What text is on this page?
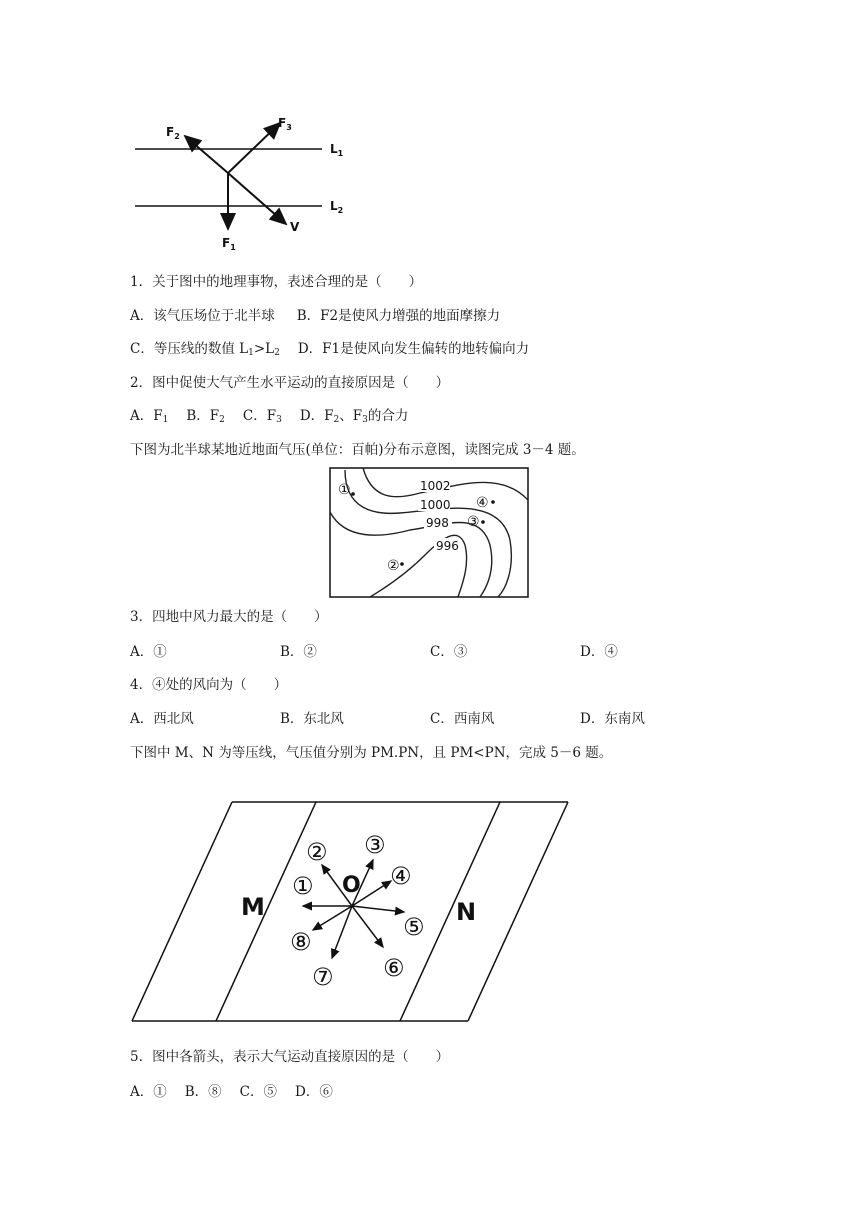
$F_2$
$F_3$
$L_1$
$L_2$
V
$F_1$
1．关于图中的地理事物，表述合理的是（　　）
A．该气压场位于北半球 B．F2是使风力增强的地面摩擦力
C．等压线的数值 $L_1>L_2$ D．F1是使风向发生偏转的地转偏向力
2．图中促使大气产生水平运动的直接原因是（　　）
A．$F_1$ B．$F_2$ C．$F_3$ D．$F_2$、$F_3$的合力
下图为北半球某地近地面气压(单位：百帕)分布示意图，读图完成 3－4 题。
1002
1000
998
996
①
②
③
④
3．四地中风力最大的是（　　）
A．①	B．②	C．③	D．④
4．④处的风向为（　　）
A．西北风	B．东北风	C．西南风	D．东南风
下图中 M、N 为等压线，气压值分别为 PM.PN，且 PM<PN，完成 5－6 题。
M	N
O
①
② ③
④
⑤
⑥
⑦
⑧
5．图中各箭头，表示大气运动直接原因的是（　　）
A．① B．⑧ C．⑤ D．⑥
